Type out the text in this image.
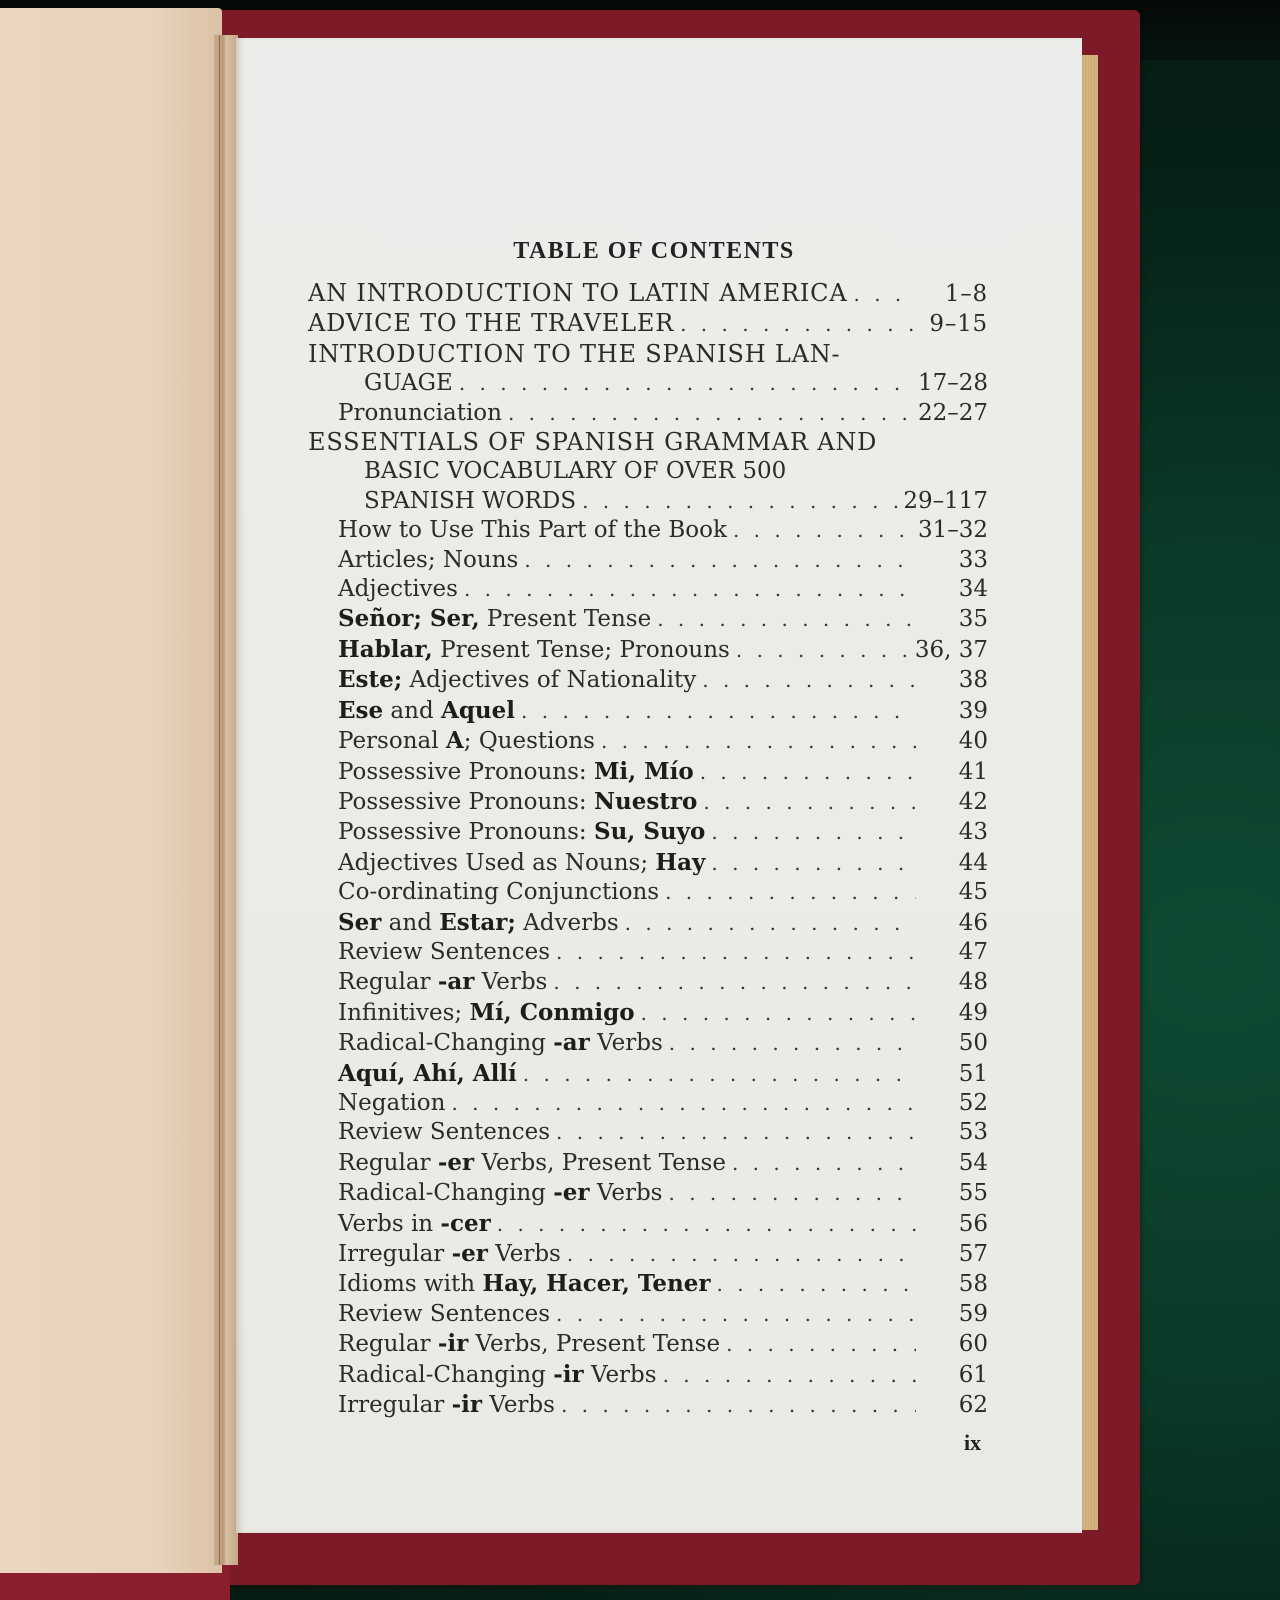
TABLE OF CONTENTS
AN INTRODUCTION TO LATIN AMERICA . . .	1–8
ADVICE TO THE TRAVELER . . .	9–15
INTRODUCTION TO THE SPANISH LAN-
GUAGE . . .	17–28
Pronunciation . . .	22–27
ESSENTIALS OF SPANISH GRAMMAR AND
BASIC VOCABULARY OF OVER 500
SPANISH WORDS . . .	29–117
How to Use This Part of the Book . . .	31–32
Articles; Nouns . . .	33
Adjectives . . .	34
Señor; Ser, Present Tense . . .	35
Hablar, Present Tense; Pronouns . . .	36, 37
Este; Adjectives of Nationality . . .	38
Ese and Aquel . . .	39
Personal A; Questions . . .	40
Possessive Pronouns: Mi, Mío . . .	41
Possessive Pronouns: Nuestro . . .	42
Possessive Pronouns: Su, Suyo . . .	43
Adjectives Used as Nouns; Hay . . .	44
Co-ordinating Conjunctions . . .	45
Ser and Estar; Adverbs . . .	46
Review Sentences . . .	47
Regular -ar Verbs . . .	48
Infinitives; Mí, Conmigo . . .	49
Radical-Changing -ar Verbs . . .	50
Aquí, Ahí, Allí . . .	51
Negation . . .	52
Review Sentences . . .	53
Regular -er Verbs, Present Tense . . .	54
Radical-Changing -er Verbs . . .	55
Verbs in -cer . . .	56
Irregular -er Verbs . . .	57
Idioms with Hay, Hacer, Tener . . .	58
Review Sentences . . .	59
Regular -ir Verbs, Present Tense . . .	60
Radical-Changing -ir Verbs . . .	61
Irregular -ir Verbs . . .	62
ix
